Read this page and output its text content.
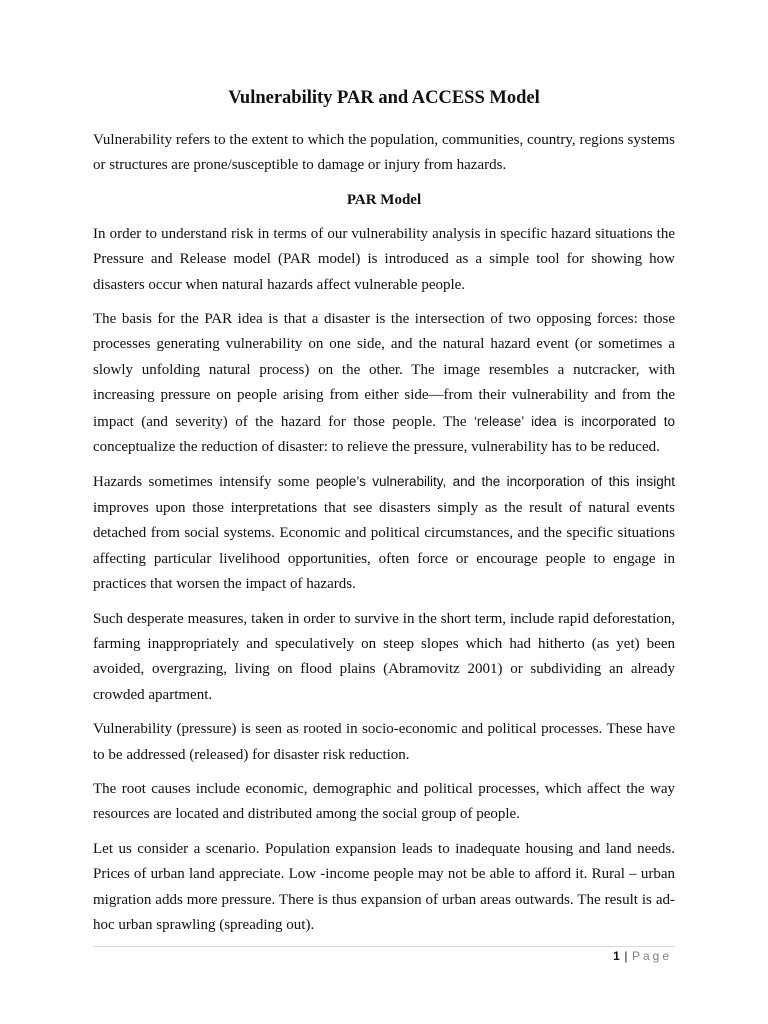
Vulnerability PAR and ACCESS Model

Vulnerability refers to the extent to which the population, communities, country, regions systems or structures are prone/susceptible to damage or injury from hazards.

PAR Model

In order to understand risk in terms of our vulnerability analysis in specific hazard situations the Pressure and Release model (PAR model) is introduced as a simple tool for showing how disasters occur when natural hazards affect vulnerable people.

The basis for the PAR idea is that a disaster is the intersection of two opposing forces: those processes generating vulnerability on one side, and the natural hazard event (or sometimes a slowly unfolding natural process) on the other. The image resembles a nutcracker, with increasing pressure on people arising from either side—from their vulnerability and from the impact (and severity) of the hazard for those people. The ‘release’ idea is incorporated to conceptualize the reduction of disaster: to relieve the pressure, vulnerability has to be reduced.

Hazards sometimes intensify some people’s vulnerability, and the incorporation of this insight improves upon those interpretations that see disasters simply as the result of natural events detached from social systems. Economic and political circumstances, and the specific situations affecting particular livelihood opportunities, often force or encourage people to engage in practices that worsen the impact of hazards.

Such desperate measures, taken in order to survive in the short term, include rapid deforestation, farming inappropriately and speculatively on steep slopes which had hitherto (as yet) been avoided, overgrazing, living on flood plains (Abramovitz 2001) or subdividing an already crowded apartment.

Vulnerability (pressure) is seen as rooted in socio-economic and political processes. These have to be addressed (released) for disaster risk reduction.

The root causes include economic, demographic and political processes, which affect the way resources are located and distributed among the social group of people.

Let us consider a scenario. Population expansion leads to inadequate housing and land needs. Prices of urban land appreciate. Low -income people may not be able to afford it. Rural – urban migration adds more pressure. There is thus expansion of urban areas outwards. The result is ad- hoc urban sprawling (spreading out).

1 | Page
